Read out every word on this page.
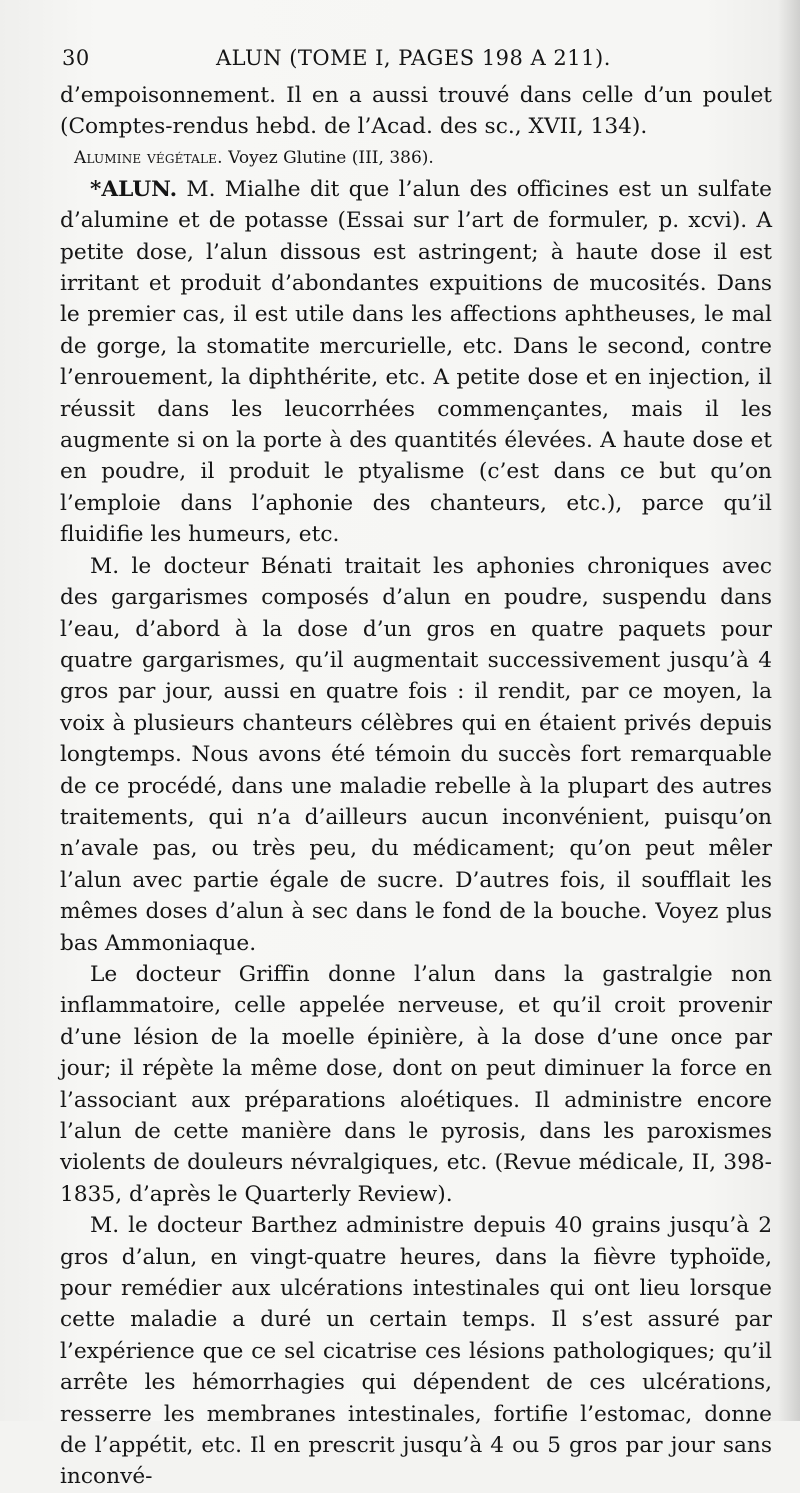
30	ALUN (TOME I, PAGES 198 A 211).

d’empoisonnement. Il en a aussi trouvé dans celle d’un poulet (Comptes-rendus hebd. de l’Acad. des sc., XVII, 134).

Alumine végétale. Voyez Glutine (III, 386).

*ALUN. M. Mialhe dit que l’alun des officines est un sulfate d’alumine et de potasse (Essai sur l’art de formuler, p. xcvi). A petite dose, l’alun dissous est astringent; à haute dose il est irritant et produit d’abondantes expuitions de mucosités. Dans le premier cas, il est utile dans les affections aphtheuses, le mal de gorge, la stomatite mercurielle, etc. Dans le second, contre l’enrouement, la diphthérite, etc. A petite dose et en injection, il réussit dans les leucorrhées commençantes, mais il les augmente si on la porte à des quantités élevées. A haute dose et en poudre, il produit le ptyalisme (c’est dans ce but qu’on l’emploie dans l’aphonie des chanteurs, etc.), parce qu’il fluidifie les humeurs, etc.

M. le docteur Bénati traitait les aphonies chroniques avec des gargarismes composés d’alun en poudre, suspendu dans l’eau, d’abord à la dose d’un gros en quatre paquets pour quatre gargarismes, qu’il augmentait successivement jusqu’à 4 gros par jour, aussi en quatre fois : il rendit, par ce moyen, la voix à plusieurs chanteurs célèbres qui en étaient privés depuis longtemps. Nous avons été témoin du succès fort remarquable de ce procédé, dans une maladie rebelle à la plupart des autres traitements, qui n’a d’ailleurs aucun inconvénient, puisqu’on n’avale pas, ou très peu, du médicament; qu’on peut mêler l’alun avec partie égale de sucre. D’autres fois, il soufflait les mêmes doses d’alun à sec dans le fond de la bouche. Voyez plus bas Ammoniaque.

Le docteur Griffin donne l’alun dans la gastralgie non inflammatoire, celle appelée nerveuse, et qu’il croit provenir d’une lésion de la moelle épinière, à la dose d’une once par jour; il répète la même dose, dont on peut diminuer la force en l’associant aux préparations aloétiques. Il administre encore l’alun de cette manière dans le pyrosis, dans les paroxismes violents de douleurs névralgiques, etc. (Revue médicale, II, 398-1835, d’après le Quarterly Review).

M. le docteur Barthez administre depuis 40 grains jusqu’à 2 gros d’alun, en vingt-quatre heures, dans la fièvre typhoïde, pour remédier aux ulcérations intestinales qui ont lieu lorsque cette maladie a duré un certain temps. Il s’est assuré par l’expérience que ce sel cicatrise ces lésions pathologiques; qu’il arrête les hémorrhagies qui dépendent de ces ulcérations, resserre les membranes intestinales, fortifie l’estomac, donne de l’appétit, etc. Il en prescrit jusqu’à 4 ou 5 gros par jour sans inconvé-
